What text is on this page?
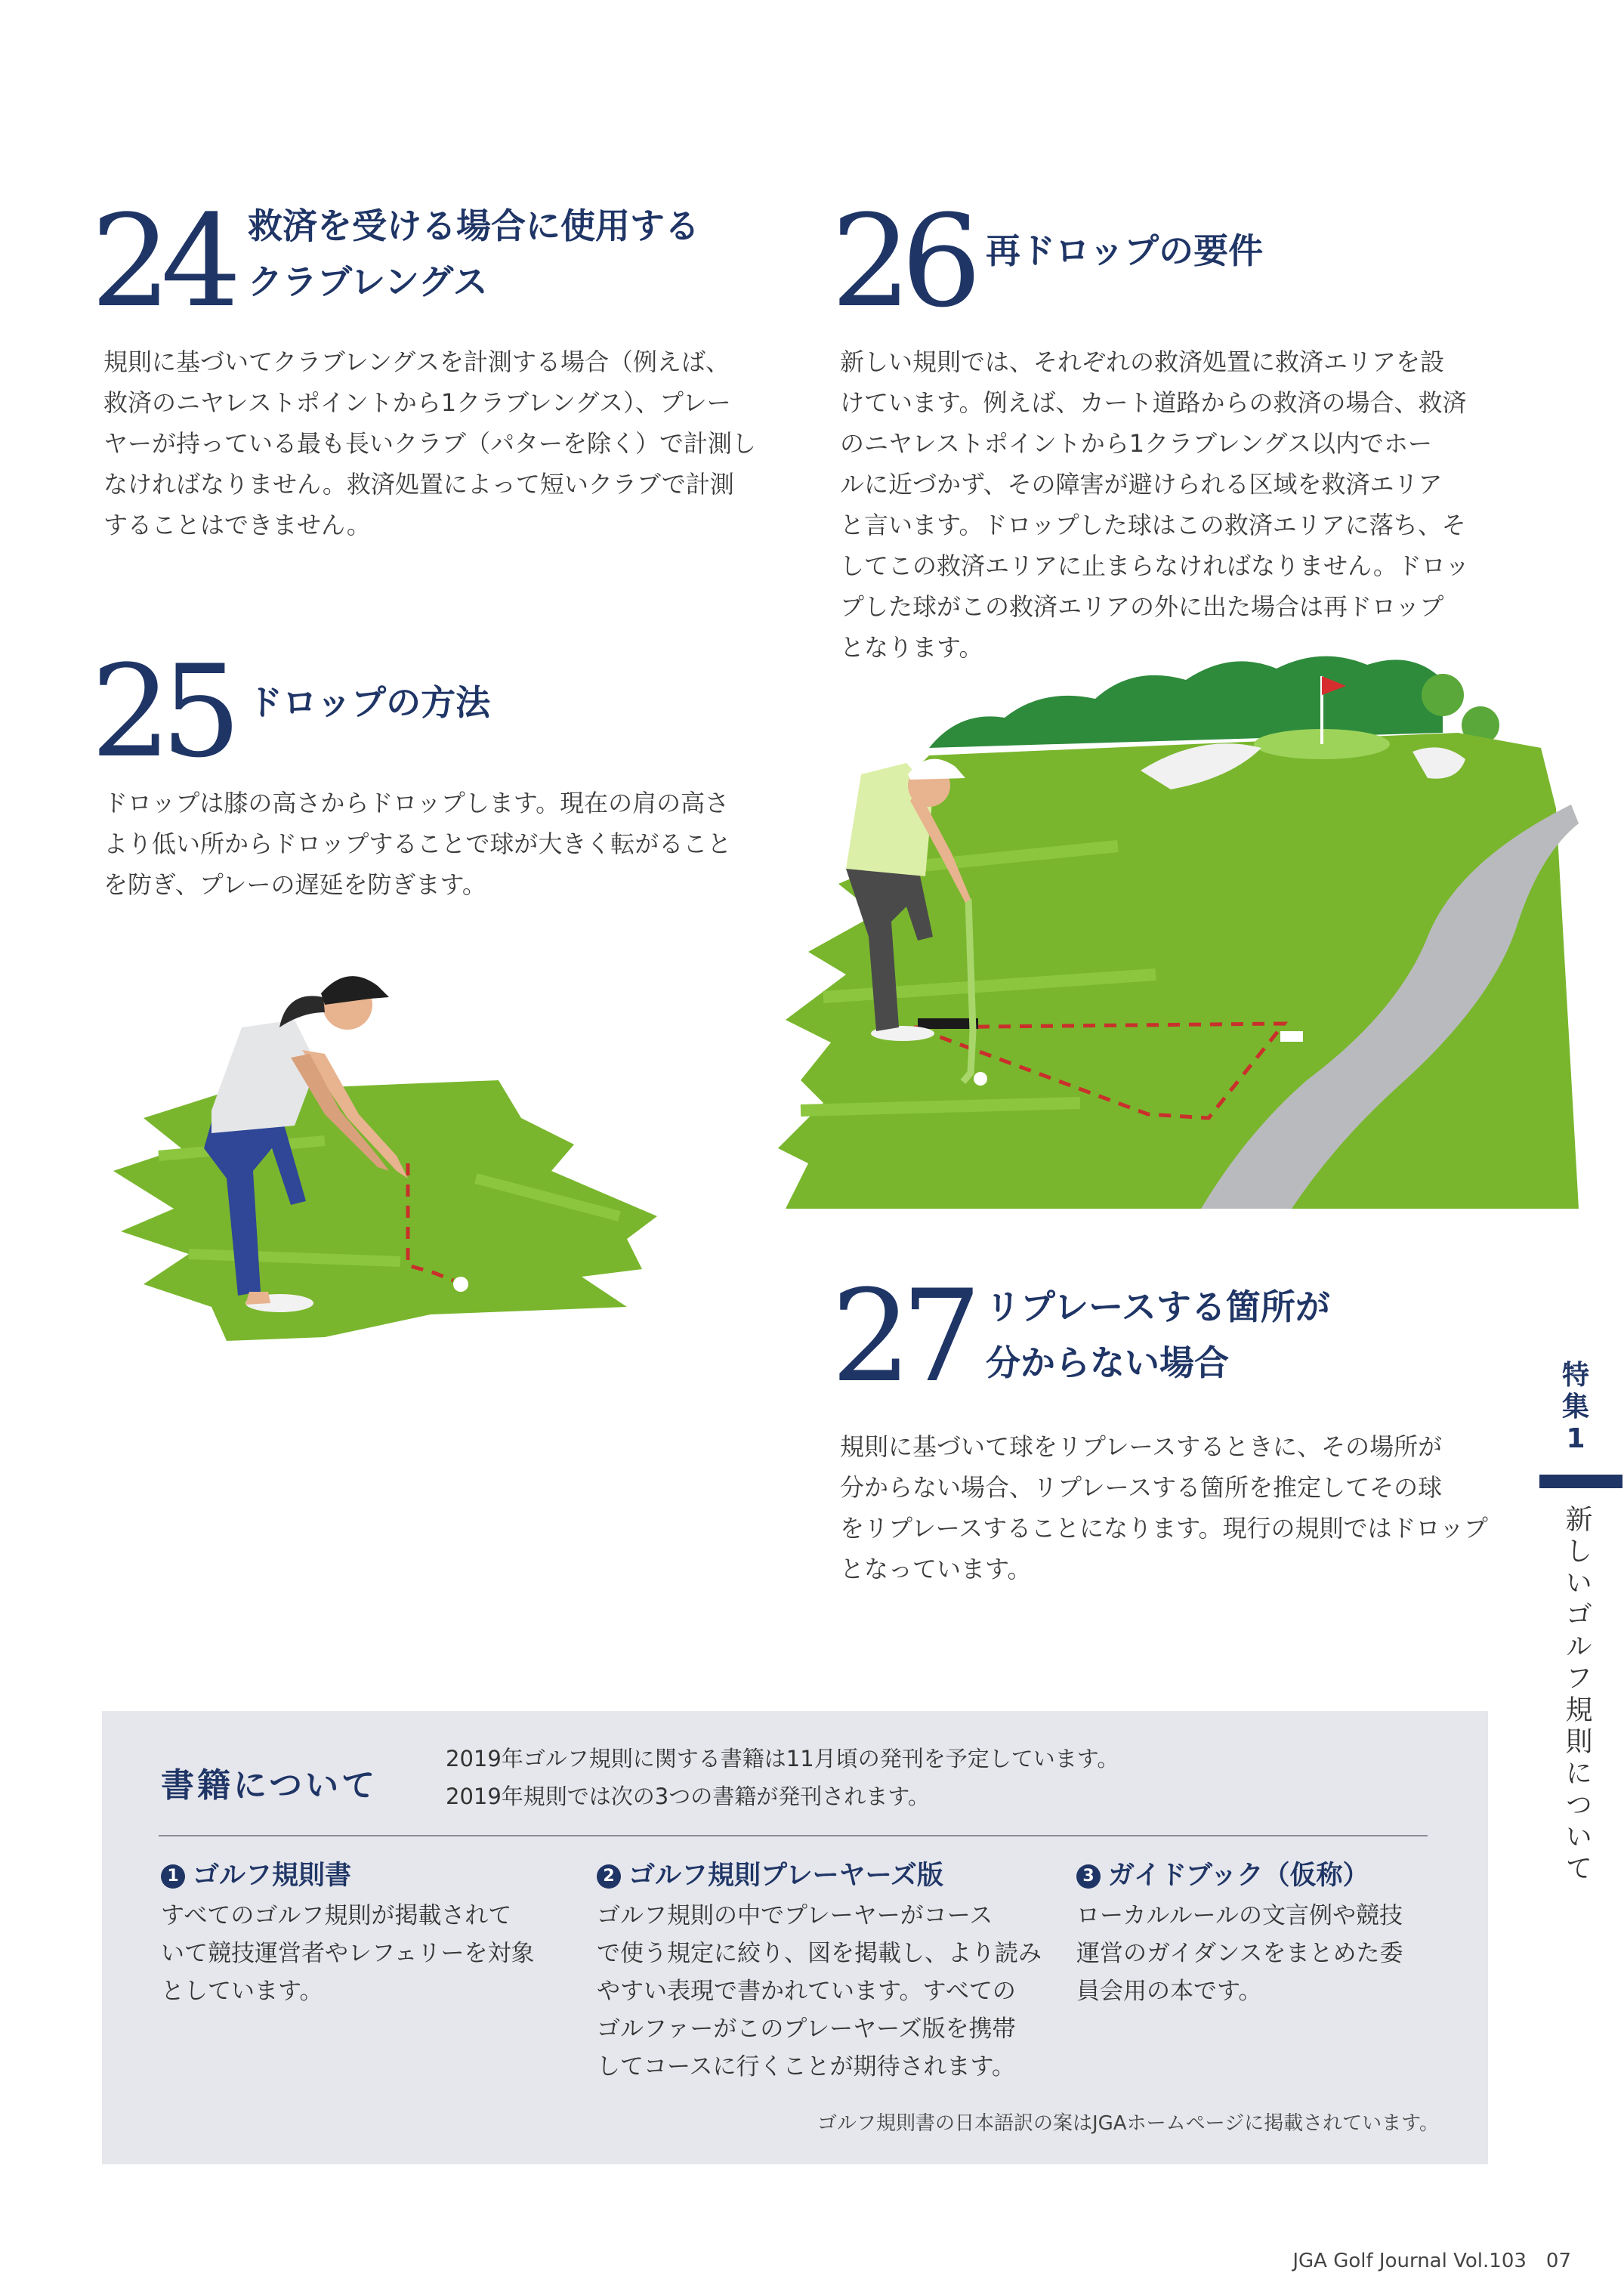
24 救済を受ける場合に使用する
クラブレングス
規則に基づいてクラブレングスを計測する場合（例えば、
救済のニヤレストポイントから1クラブレングス）、プレー
ヤーが持っている最も長いクラブ（パターを除く）で計測し
なければなりません。救済処置によって短いクラブで計測
することはできません。
25 ドロップの方法
ドロップは膝の高さからドロップします。現在の肩の高さ
より低い所からドロップすることで球が大きく転がること
を防ぎ、プレーの遅延を防ぎます。
26 再ドロップの要件
新しい規則では、それぞれの救済処置に救済エリアを設
けています。例えば、カート道路からの救済の場合、救済
のニヤレストポイントから1クラブレングス以内でホー
ルに近づかず、その障害が避けられる区域を救済エリア
と言います。ドロップした球はこの救済エリアに落ち、そ
してこの救済エリアに止まらなければなりません。ドロッ
プした球がこの救済エリアの外に出た場合は再ドロップ
となります。
27 リプレースする箇所が
分からない場合
規則に基づいて球をリプレースするときに、その場所が
分からない場合、リプレースする箇所を推定してその球
をリプレースすることになります。現行の規則ではドロップ
となっています。
特
集
1
新しいゴルフ規則について
書籍について
2019年ゴルフ規則に関する書籍は11月頃の発刊を予定しています。
2019年規則では次の3つの書籍が発刊されます。
1 ゴルフ規則書
すべてのゴルフ規則が掲載されて
いて競技運営者やレフェリーを対象
としています。
2 ゴルフ規則プレーヤーズ版
ゴルフ規則の中でプレーヤーがコース
で使う規定に絞り、図を掲載し、より読み
やすい表現で書かれています。すべての
ゴルファーがこのプレーヤーズ版を携帯
してコースに行くことが期待されます。
3 ガイドブック（仮称）
ローカルルールの文言例や競技
運営のガイダンスをまとめた委
員会用の本です。
ゴルフ規則書の日本語訳の案はJGAホームページに掲載されています。
JGA Golf Journal Vol.103 07
